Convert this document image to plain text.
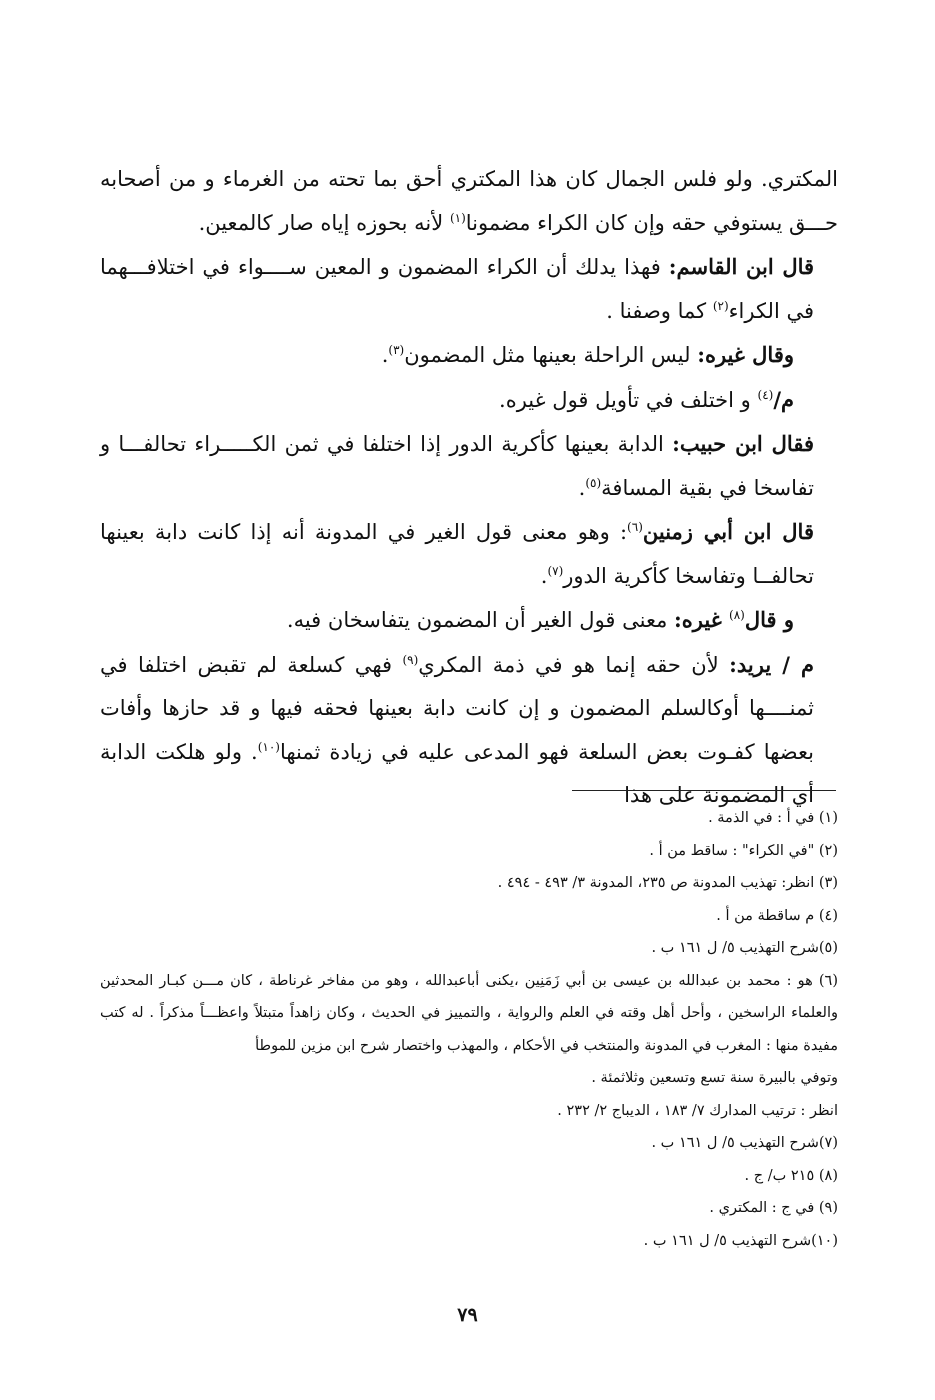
المكتري. ولو فلس الجمال كان هذا المكتري أحق بما تحته من الغرماء و من أصحابه حـــق يستوفي حقه وإن كان الكراء مضمونا$^{(١)}$ لأنه بحوزه إياه صار كالمعين.

قال ابن القاسم: فهذا يدلك أن الكراء المضمون و المعين ســــواء في اختلافـــهما في الكراء$^{(٢)}$ كما وصفنا .

وقال غيره: ليس الراحلة بعينها مثل المضمون$^{(٣)}$.

م/$^{(٤)}$ و اختلف في تأويل قول غيره.

فقال ابن حبيب: الدابة بعينها كأكرية الدور إذا اختلفا في ثمن الكـــــراء تحالفـــا و تفاسخا في بقية المسافة$^{(٥)}$.

قال ابن أبي زمنين$^{(٦)}$: وهو معنى قول الغير في المدونة أنه إذا كانت دابة بعينها تحالفــا وتفاسخا كأكرية الدور$^{(٧)}$.

و قال$^{(٨)}$ غيره: معنى قول الغير أن المضمون يتفاسخان فيه.

م / يريد: لأن حقه إنما هو في ذمة المكري$^{(٩)}$ فهي كسلعة لم تقبض اختلفا في ثمنــــها أوكالسلم المضمون و إن كانت دابة بعينها فحقه فيها و قد حازها وأفات بعضها كفـوت بعض السلعة فهو المدعى عليه في زيادة ثمنها$^{(١٠)}$. ولو هلكت الدابة أي المضمونة على هذا

(١) في أ : في الذمة .

(٢) "في الكراء" : ساقط من أ .

(٣) انظر: تهذيب المدونة ص ٢٣٥، المدونة ٣/ ٤٩٣ - ٤٩٤ .

(٤) م ساقطة من أ .

(٥)شرح التهذيب ٥/ ل ١٦١ ب .

(٦) هو : محمد بن عبدالله بن عيسى بن أبي زَمَنِين ،يكنى أباعبدالله ، وهو من مفاخر غرناطة ، كان مـــن كبـار المحدثين والعلماء الراسخين ، وأحل أهل وقته في العلم والرواية ، والتمييز في الحديث ، وكان زاهداً متبتلاً واعظـــاً مذكراً . له كتب مفيدة منها : المغرب في المدونة والمنتخب في الأحكام ، والمهذب واختصار شرح ابن مزين للموطأ

وتوفي بالبيرة سنة تسع وتسعين وثلاثمئة .

انظر : ترتيب المدارك ٧/ ١٨٣ ، الديباج ٢/ ٢٣٢ .

(٧)شرح التهذيب ٥/ ل ١٦١ ب .

(٨) ٢١٥ ب/ ج .

(٩) في ج : المكتري .

(١٠)شرح التهذيب ٥/ ل ١٦١ ب .

٧٩
